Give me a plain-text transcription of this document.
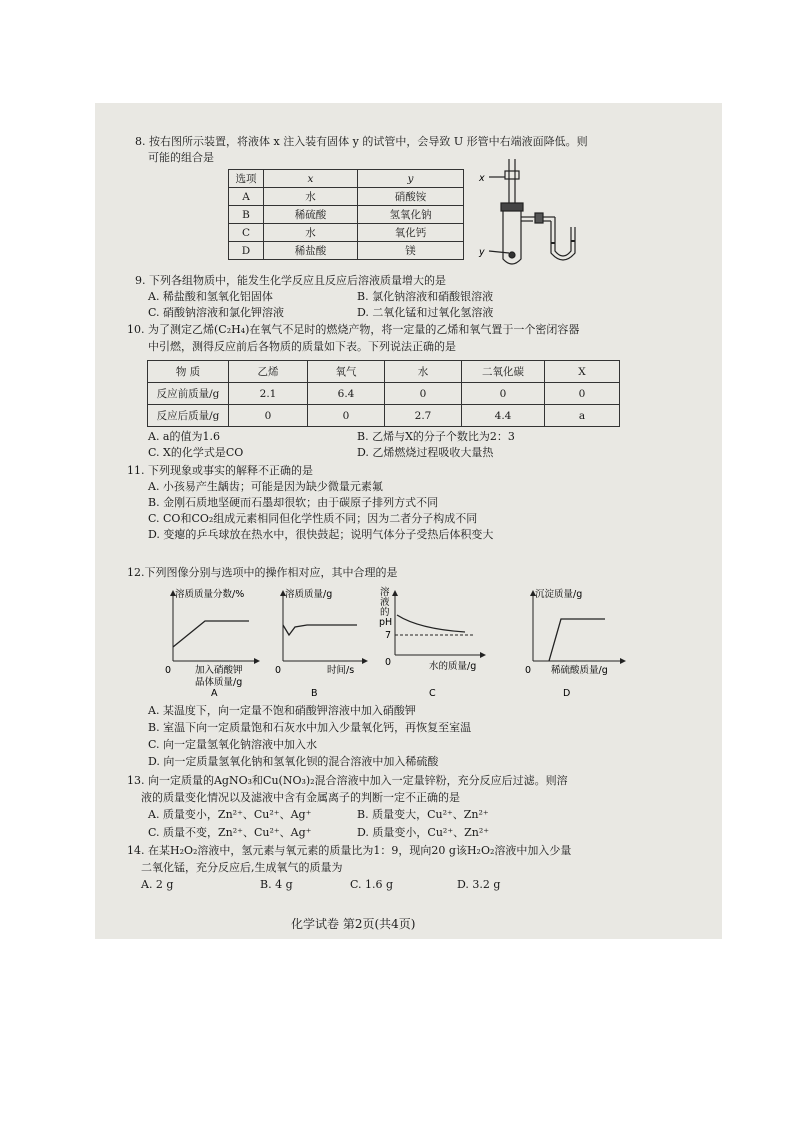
8. 按右图所示装置，将液体 x 注入装有固体 y 的试管中，会导致 U 形管中右端液面降低。则
可能的组合是
选项	x	y
A	水	硝酸铵
B	稀硫酸	氢氧化钠
C	水	氧化钙
D	稀盐酸	镁
x
y
9. 下列各组物质中，能发生化学反应且反应后溶液质量增大的是
A. 稀盐酸和氢氧化铝固体	B. 氯化钠溶液和硝酸银溶液
C. 硝酸钠溶液和氯化钾溶液	D. 二氧化锰和过氧化氢溶液
10. 为了测定乙烯(C₂H₄)在氧气不足时的燃烧产物，将一定量的乙烯和氧气置于一个密闭容器
中引燃，测得反应前后各物质的质量如下表。下列说法正确的是
物 质	乙烯	氧气	水	二氧化碳	X
反应前质量/g	2.1	6.4	0	0	0
反应后质量/g	0	0	2.7	4.4	a
A. a的值为1.6	B. 乙烯与X的分子个数比为2：3
C. X的化学式是CO	D. 乙烯燃烧过程吸收大量热
11. 下列现象或事实的解释不正确的是
A. 小孩易产生龋齿；可能是因为缺少微量元素氟
B. 金刚石质地坚硬而石墨却很软；由于碳原子排列方式不同
C. CO和CO₂组成元素相同但化学性质不同；因为二者分子构成不同
D. 变瘪的乒乓球放在热水中，很快鼓起；说明气体分子受热后体积变大
12.下列图像分别与选项中的操作相对应，其中合理的是
溶质质量分数/%
0	加入硝酸钾
晶体质量/g
A
溶质质量/g
0	时间/s
B
溶
液
的
pH
7
0	水的质量/g
C
沉淀质量/g
0 稀硫酸质量/g
D
A. 某温度下，向一定量不饱和硝酸钾溶液中加入硝酸钾
B. 室温下向一定质量饱和石灰水中加入少量氧化钙，再恢复至室温
C. 向一定量氢氧化钠溶液中加入水
D. 向一定质量氢氧化钠和氢氧化钡的混合溶液中加入稀硫酸
13. 向一定质量的AgNO₃和Cu(NO₃)₂混合溶液中加入一定量锌粉，充分反应后过滤。则溶
液的质量变化情况以及滤液中含有金属离子的判断一定不正确的是
A. 质量变小，Zn²⁺、Cu²⁺、Ag⁺	B. 质量变大，Cu²⁺、Zn²⁺
C. 质量不变，Zn²⁺、Cu²⁺、Ag⁺	D. 质量变小，Cu²⁺、Zn²⁺
14. 在某H₂O₂溶液中，氢元素与氧元素的质量比为1：9，现向20 g该H₂O₂溶液中加入少量
二氧化锰，充分反应后,生成氧气的质量为
A. 2 g	B. 4 g	C. 1.6 g	D. 3.2 g
化学试卷 第2页(共4页)
